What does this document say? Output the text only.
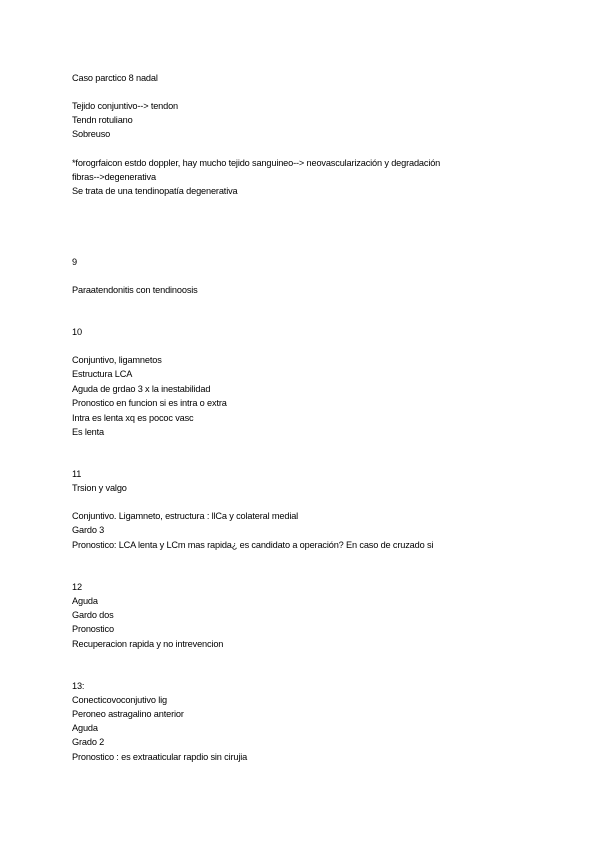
Caso parctico 8 nadal
Tejido conjuntivo--> tendon
Tendn rotuliano
Sobreuso
*forogrfaicon estdo doppler, hay mucho tejido sanguineo--> neovascularización y degradación
fibras-->degenerativa
Se trata de una tendinopatía degenerativa
9
Paraatendonitis con tendinoosis
10
Conjuntivo, ligamnetos
Estructura LCA
Aguda de grdao 3 x la inestabilidad
Pronostico en funcion si es intra o extra
Intra es lenta xq es pococ vasc
Es lenta
11
Trsion y valgo
Conjuntivo. Ligamneto, estructura : llCa y colateral medial
Gardo 3
Pronostico: LCA lenta y LCm mas rapida¿ es candidato a operación? En caso de cruzado si
12
Aguda
Gardo dos
Pronostico
Recuperacion rapida y no intrevencion
13:
Conecticovoconjutivo lig
Peroneo astragalino anterior
Aguda
Grado 2
Pronostico : es extraaticular rapdio sin cirujia
